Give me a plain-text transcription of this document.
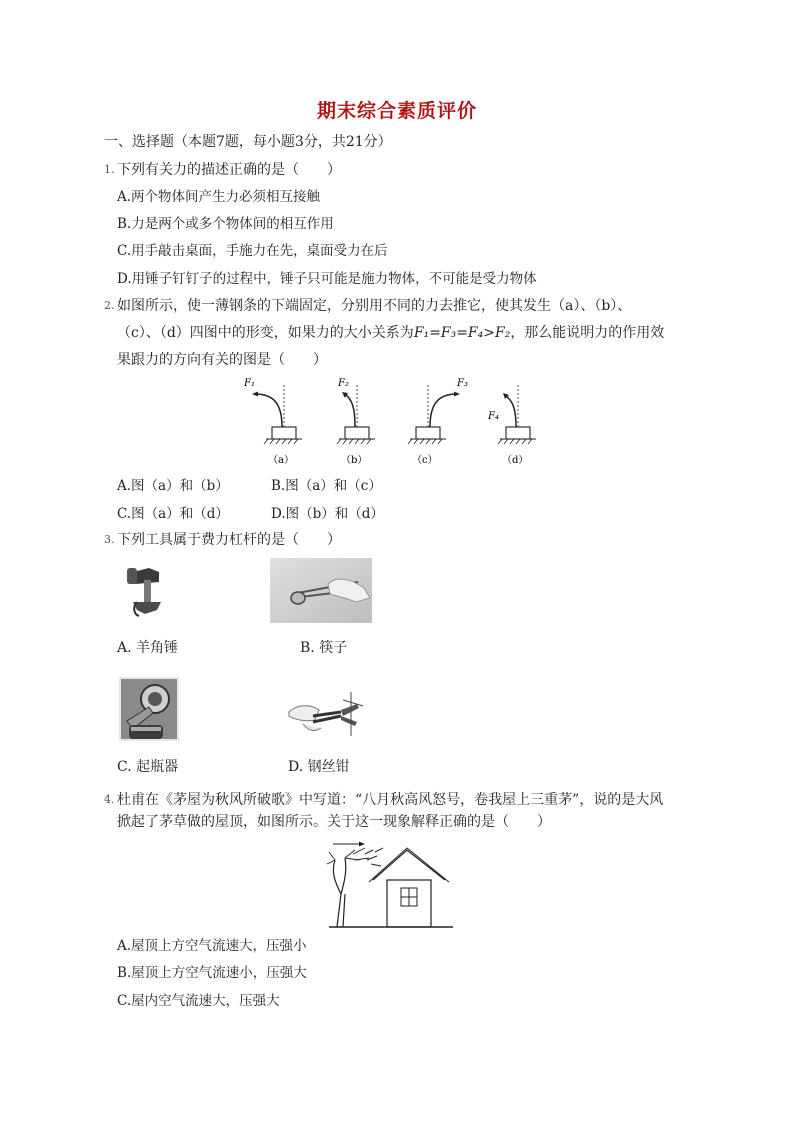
期末综合素质评价
一、选择题（本题7题，每小题3分，共21分）
1. 下列有关力的描述正确的是（　　）
A.两个物体间产生力必须相互接触
B.力是两个或多个物体间的相互作用
C.用手敲击桌面，手施力在先，桌面受力在后
D.用锤子钉钉子的过程中，锤子只可能是施力物体，不可能是受力物体
2. 如图所示，使一薄钢条的下端固定，分别用不同的力去推它，使其发生（a）、（b）、
（c）、（d）四图中的形变，如果力的大小关系为F₁=F₃=F₄>F₂，那么能说明力的作用效
果跟力的方向有关的图是（　　）
F₁
（a）
F₂
（b）
F₃
（c）
F₄
（d）
A.图（a）和（b）	B.图（a）和（c）
C.图（a）和（d）	D.图（b）和（d）
3. 下列工具属于费力杠杆的是（　　）
A. 羊角锤	B. 筷子
C. 起瓶器	D. 钢丝钳
4. 杜甫在《茅屋为秋风所破歌》中写道：“八月秋高风怒号，卷我屋上三重茅”，说的是大风
掀起了茅草做的屋顶，如图所示。关于这一现象解释正确的是（　　）
A.屋顶上方空气流速大，压强小
B.屋顶上方空气流速小，压强大
C.屋内空气流速大，压强大
